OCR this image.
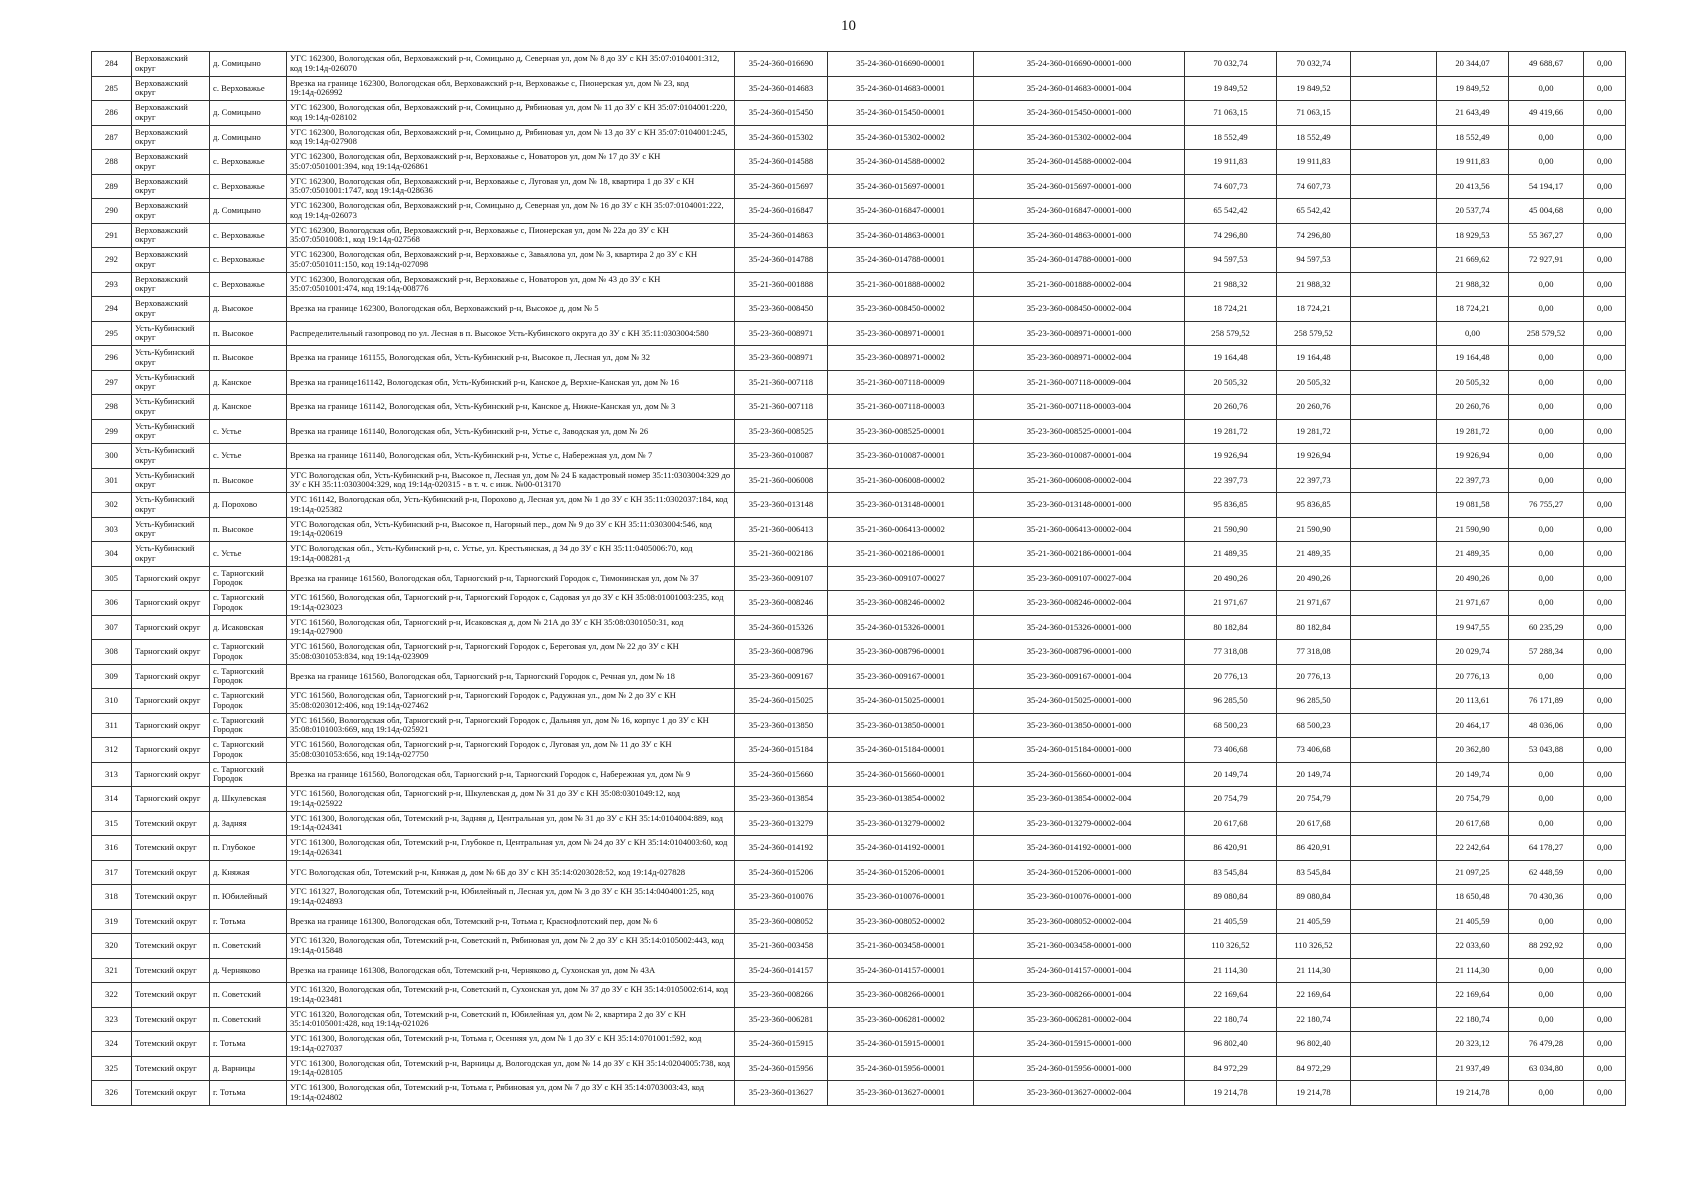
10
284	Верховажский округ	д. Сомицыно	УГС 162300, Вологодская обл, Верховажский р-н, Сомицыно д, Северная ул, дом № 8 до ЗУ с КН 35:07:0104001:312, код 19:14д-026070	35-24-360-016690	35-24-360-016690-00001	35-24-360-016690-00001-000	70 032,74	70 032,74		20 344,07	49 688,67	0,00
285	Верховажский округ	с. Верховажье	Врезка на границе 162300, Вологодская обл, Верховажский р-н, Верховажье с, Пионерская ул, дом № 23, код 19:14д-026992	35-24-360-014683	35-24-360-014683-00001	35-24-360-014683-00001-004	19 849,52	19 849,52		19 849,52	0,00	0,00
286	Верховажский округ	д. Сомицыно	УГС 162300, Вологодская обл, Верховажский р-н, Сомицыно д, Рябиновая ул, дом № 11 до ЗУ с КН 35:07:0104001:220, код 19:14д-028102	35-24-360-015450	35-24-360-015450-00001	35-24-360-015450-00001-000	71 063,15	71 063,15		21 643,49	49 419,66	0,00
287	Верховажский округ	д. Сомицыно	УГС 162300, Вологодская обл, Верховажский р-н, Сомицыно д, Рябиновая ул, дом № 13 до ЗУ с КН 35:07:0104001:245, код 19:14д-027908	35-24-360-015302	35-24-360-015302-00002	35-24-360-015302-00002-004	18 552,49	18 552,49		18 552,49	0,00	0,00
288	Верховажский округ	с. Верховажье	УГС 162300, Вологодская обл, Верховажский р-н, Верховажье с, Новаторов ул, дом № 17 до ЗУ с КН 35:07:0501001:394, код 19:14д-026861	35-24-360-014588	35-24-360-014588-00002	35-24-360-014588-00002-004	19 911,83	19 911,83		19 911,83	0,00	0,00
289	Верховажский округ	с. Верховажье	УГС 162300, Вологодская обл, Верховажский р-н, Верховажье с, Луговая ул, дом № 18, квартира 1 до ЗУ с КН 35:07:0501001:1747, код 19:14д-028636	35-24-360-015697	35-24-360-015697-00001	35-24-360-015697-00001-000	74 607,73	74 607,73		20 413,56	54 194,17	0,00
290	Верховажский округ	д. Сомицыно	УГС 162300, Вологодская обл, Верховажский р-н, Сомицыно д, Северная ул, дом № 16 до ЗУ с КН 35:07:0104001:222, код 19:14д-026073	35-24-360-016847	35-24-360-016847-00001	35-24-360-016847-00001-000	65 542,42	65 542,42		20 537,74	45 004,68	0,00
291	Верховажский округ	с. Верховажье	УГС 162300, Вологодская обл, Верховажский р-н, Верховажье с, Пионерская ул, дом № 22а до ЗУ с КН 35:07:0501008:1, код 19:14д-027568	35-24-360-014863	35-24-360-014863-00001	35-24-360-014863-00001-000	74 296,80	74 296,80		18 929,53	55 367,27	0,00
292	Верховажский округ	с. Верховажье	УГС 162300, Вологодская обл, Верховажский р-н, Верховажье с, Завьялова ул, дом № 3, квартира 2 до ЗУ с КН 35:07:0501011:150, код 19:14д-027098	35-24-360-014788	35-24-360-014788-00001	35-24-360-014788-00001-000	94 597,53	94 597,53		21 669,62	72 927,91	0,00
293	Верховажский округ	с. Верховажье	УГС 162300, Вологодская обл, Верховажский р-н, Верховажье с, Новаторов ул, дом № 43 до ЗУ с КН 35:07:0501001:474, код 19:14д-008776	35-21-360-001888	35-21-360-001888-00002	35-21-360-001888-00002-004	21 988,32	21 988,32		21 988,32	0,00	0,00
294	Верховажский округ	д. Высокое	Врезка на границе 162300, Вологодская обл, Верховажский р-н, Высокое д, дом № 5	35-23-360-008450	35-23-360-008450-00002	35-23-360-008450-00002-004	18 724,21	18 724,21		18 724,21	0,00	0,00
295	Усть-Кубинский округ	п. Высокое	Распределительный газопровод по ул. Лесная в п. Высокое Усть-Кубинского округа до ЗУ с КН 35:11:0303004:580	35-23-360-008971	35-23-360-008971-00001	35-23-360-008971-00001-000	258 579,52	258 579,52		0,00	258 579,52	0,00
296	Усть-Кубинский округ	п. Высокое	Врезка на границе 161155, Вологодская обл, Усть-Кубинский р-н, Высокое п, Лесная ул, дом № 32	35-23-360-008971	35-23-360-008971-00002	35-23-360-008971-00002-004	19 164,48	19 164,48		19 164,48	0,00	0,00
297	Усть-Кубинский округ	д. Канское	Врезка на границе161142, Вологодская обл, Усть-Кубинский р-н, Канское д, Верхне-Канская ул, дом № 16	35-21-360-007118	35-21-360-007118-00009	35-21-360-007118-00009-004	20 505,32	20 505,32		20 505,32	0,00	0,00
298	Усть-Кубинский округ	д. Канское	Врезка на границе 161142, Вологодская обл, Усть-Кубинский р-н, Канское д, Нижне-Канская ул, дом № 3	35-21-360-007118	35-21-360-007118-00003	35-21-360-007118-00003-004	20 260,76	20 260,76		20 260,76	0,00	0,00
299	Усть-Кубинский округ	с. Устье	Врезка на границе 161140, Вологодская обл, Усть-Кубинский р-н, Устье с, Заводская ул, дом № 26	35-23-360-008525	35-23-360-008525-00001	35-23-360-008525-00001-004	19 281,72	19 281,72		19 281,72	0,00	0,00
300	Усть-Кубинский округ	с. Устье	Врезка на границе 161140, Вологодская обл, Усть-Кубинский р-н, Устье с, Набережная ул, дом № 7	35-23-360-010087	35-23-360-010087-00001	35-23-360-010087-00001-004	19 926,94	19 926,94		19 926,94	0,00	0,00
301	Усть-Кубинский округ	п. Высокое	УГС Вологодская обл, Усть-Кубинский р-н, Высокое п, Лесная ул, дом № 24 Б кадастровый номер 35:11:0303004:329 до ЗУ с КН 35:11:0303004:329, код 19:14д-020315 - в т. ч. с инж. №00-013170	35-21-360-006008	35-21-360-006008-00002	35-21-360-006008-00002-004	22 397,73	22 397,73		22 397,73	0,00	0,00
302	Усть-Кубинский округ	д. Порохово	УГС 161142, Вологодская обл, Усть-Кубинский р-н, Порохово д, Лесная ул, дом № 1 до ЗУ с КН 35:11:0302037:184, код 19:14д-025382	35-23-360-013148	35-23-360-013148-00001	35-23-360-013148-00001-000	95 836,85	95 836,85		19 081,58	76 755,27	0,00
303	Усть-Кубинский округ	п. Высокое	УГС Вологодская обл, Усть-Кубинский р-н, Высокое п, Нагорный пер., дом № 9 до ЗУ с КН 35:11:0303004:546, код 19:14д-020619	35-21-360-006413	35-21-360-006413-00002	35-21-360-006413-00002-004	21 590,90	21 590,90		21 590,90	0,00	0,00
304	Усть-Кубинский округ	с. Устье	УГС Вологодская обл., Усть-Кубинский р-н, с. Устье, ул. Крестьянская, д 34 до ЗУ с КН 35:11:0405006:70, код 19:14д-008281-д	35-21-360-002186	35-21-360-002186-00001	35-21-360-002186-00001-004	21 489,35	21 489,35		21 489,35	0,00	0,00
305	Тарногский округ	с. Тарногский Городок	Врезка на границе 161560, Вологодская обл, Тарногский р-н, Тарногский Городок с, Тимонинская ул, дом № 37	35-23-360-009107	35-23-360-009107-00027	35-23-360-009107-00027-004	20 490,26	20 490,26		20 490,26	0,00	0,00
306	Тарногский округ	с. Тарногский Городок	УГС 161560, Вологодская обл, Тарногский р-н, Тарногский Городок с, Садовая ул до ЗУ с КН 35:08:0100100З:235, код 19:14д-023023	35-23-360-008246	35-23-360-008246-00002	35-23-360-008246-00002-004	21 971,67	21 971,67		21 971,67	0,00	0,00
307	Тарногский округ	д. Исаковская	УГС 161560, Вологодская обл, Тарногский р-н, Исаковская д, дом № 21А до ЗУ с КН 35:08:0301050:31, код 19:14д-027900	35-24-360-015326	35-24-360-015326-00001	35-24-360-015326-00001-000	80 182,84	80 182,84		19 947,55	60 235,29	0,00
308	Тарногский округ	с. Тарногский Городок	УГС 161560, Вологодская обл, Тарногский р-н, Тарногский Городок с, Береговая ул, дом № 22 до ЗУ с КН 35:08:0301053:834, код 19:14д-023909	35-23-360-008796	35-23-360-008796-00001	35-23-360-008796-00001-000	77 318,08	77 318,08		20 029,74	57 288,34	0,00
309	Тарногский округ	с. Тарногский Городок	Врезка на границе 161560, Вологодская обл, Тарногский р-н, Тарногский Городок с, Речная ул, дом № 18	35-23-360-009167	35-23-360-009167-00001	35-23-360-009167-00001-004	20 776,13	20 776,13		20 776,13	0,00	0,00
310	Тарногский округ	с. Тарногский Городок	УГС 161560, Вологодская обл, Тарногский р-н, Тарногский Городок с, Радужная ул., дом № 2 до ЗУ с КН 35:08:0203012:406, код 19:14д-027462	35-24-360-015025	35-24-360-015025-00001	35-24-360-015025-00001-000	96 285,50	96 285,50		20 113,61	76 171,89	0,00
311	Тарногский округ	с. Тарногский Городок	УГС 161560, Вологодская обл, Тарногский р-н, Тарногский Городок с, Дальняя ул, дом № 16, корпус 1 до ЗУ с КН 35:08:0101003:669, код 19:14д-025921	35-23-360-013850	35-23-360-013850-00001	35-23-360-013850-00001-000	68 500,23	68 500,23		20 464,17	48 036,06	0,00
312	Тарногский округ	с. Тарногский Городок	УГС 161560, Вологодская обл, Тарногский р-н, Тарногский Городок с, Луговая ул, дом № 11 до ЗУ с КН 35:08:0301053:656, код 19:14д-027750	35-24-360-015184	35-24-360-015184-00001	35-24-360-015184-00001-000	73 406,68	73 406,68		20 362,80	53 043,88	0,00
313	Тарногский округ	с. Тарногский Городок	Врезка на границе 161560, Вологодская обл, Тарногский р-н, Тарногский Городок с, Набережная ул, дом № 9	35-24-360-015660	35-24-360-015660-00001	35-24-360-015660-00001-004	20 149,74	20 149,74		20 149,74	0,00	0,00
314	Тарногский округ	д. Шкулевская	УГС 161560, Вологодская обл, Тарногский р-н, Шкулевская д, дом № 31 до ЗУ с КН 35:08:0301049:12, код 19:14д-025922	35-23-360-013854	35-23-360-013854-00002	35-23-360-013854-00002-004	20 754,79	20 754,79		20 754,79	0,00	0,00
315	Тотемский округ	д. Задняя	УГС 161300, Вологодская обл, Тотемский р-н, Задняя д, Центральная ул, дом № 31 до ЗУ с КН 35:14:0104004:889, код 19:14д-024341	35-23-360-013279	35-23-360-013279-00002	35-23-360-013279-00002-004	20 617,68	20 617,68		20 617,68	0,00	0,00
316	Тотемский округ	п. Глубокое	УГС 161300, Вологодская обл, Тотемский р-н, Глубокое п, Центральная ул, дом № 24 до ЗУ с КН 35:14:0104003:60, код 19:14д-026341	35-24-360-014192	35-24-360-014192-00001	35-24-360-014192-00001-000	86 420,91	86 420,91		22 242,64	64 178,27	0,00
317	Тотемский округ	д. Княжая	УГС Вологодская обл, Тотемский р-н, Княжая д, дом № 6Б до ЗУ с КН 35:14:0203028:52, код 19:14д-027828	35-24-360-015206	35-24-360-015206-00001	35-24-360-015206-00001-000	83 545,84	83 545,84		21 097,25	62 448,59	0,00
318	Тотемский округ	п. Юбилейный	УГС 161327, Вологодская обл, Тотемский р-н, Юбилейный п, Лесная ул, дом № 3 до ЗУ с КН 35:14:0404001:25, код 19:14д-024893	35-23-360-010076	35-23-360-010076-00001	35-23-360-010076-00001-000	89 080,84	89 080,84		18 650,48	70 430,36	0,00
319	Тотемский округ	г. Тотьма	Врезка на границе 161300, Вологодская обл, Тотемский р-н, Тотьма г, Краснофлотский пер, дом № 6	35-23-360-008052	35-23-360-008052-00002	35-23-360-008052-00002-004	21 405,59	21 405,59		21 405,59	0,00	0,00
320	Тотемский округ	п. Советский	УГС 161320, Вологодская обл, Тотемский р-н, Советский п, Рябиновая ул, дом № 2 до ЗУ с КН 35:14:0105002:443, код 19:14д-015848	35-21-360-003458	35-21-360-003458-00001	35-21-360-003458-00001-000	110 326,52	110 326,52		22 033,60	88 292,92	0,00
321	Тотемский округ	д. Черняково	Врезка на границе 161308, Вологодская обл, Тотемский р-н, Черняково д, Сухонская ул, дом № 43А	35-24-360-014157	35-24-360-014157-00001	35-24-360-014157-00001-004	21 114,30	21 114,30		21 114,30	0,00	0,00
322	Тотемский округ	п. Советский	УГС 161320, Вологодская обл, Тотемский р-н, Советский п, Сухонская ул, дом № 37 до ЗУ с КН 35:14:0105002:614, код 19:14д-023481	35-23-360-008266	35-23-360-008266-00001	35-23-360-008266-00001-004	22 169,64	22 169,64		22 169,64	0,00	0,00
323	Тотемский округ	п. Советский	УГС 161320, Вологодская обл, Тотемский р-н, Советский п, Юбилейная ул, дом № 2, квартира 2 до ЗУ с КН 35:14:0105001:428, код 19:14д-021026	35-23-360-006281	35-23-360-006281-00002	35-23-360-006281-00002-004	22 180,74	22 180,74		22 180,74	0,00	0,00
324	Тотемский округ	г. Тотьма	УГС 161300, Вологодская обл, Тотемский р-н, Тотьма г, Осенняя ул, дом № 1 до ЗУ с КН 35:14:0701001:592, код 19:14д-027037	35-24-360-015915	35-24-360-015915-00001	35-24-360-015915-00001-000	96 802,40	96 802,40		20 323,12	76 479,28	0,00
325	Тотемский округ	д. Варницы	УГС 161300, Вологодская обл, Тотемский р-н, Варницы д, Вологодская ул, дом № 14 до ЗУ с КН 35:14:0204005:738, код 19:14д-028105	35-24-360-015956	35-24-360-015956-00001	35-24-360-015956-00001-000	84 972,29	84 972,29		21 937,49	63 034,80	0,00
326	Тотемский округ	г. Тотьма	УГС 161300, Вологодская обл, Тотемский р-н, Тотьма г, Рябиновая ул, дом № 7 до ЗУ с КН 35:14:0703003:43, код 19:14д-024802	35-23-360-013627	35-23-360-013627-00001	35-23-360-013627-00002-004	19 214,78	19 214,78		19 214,78	0,00	0,00
